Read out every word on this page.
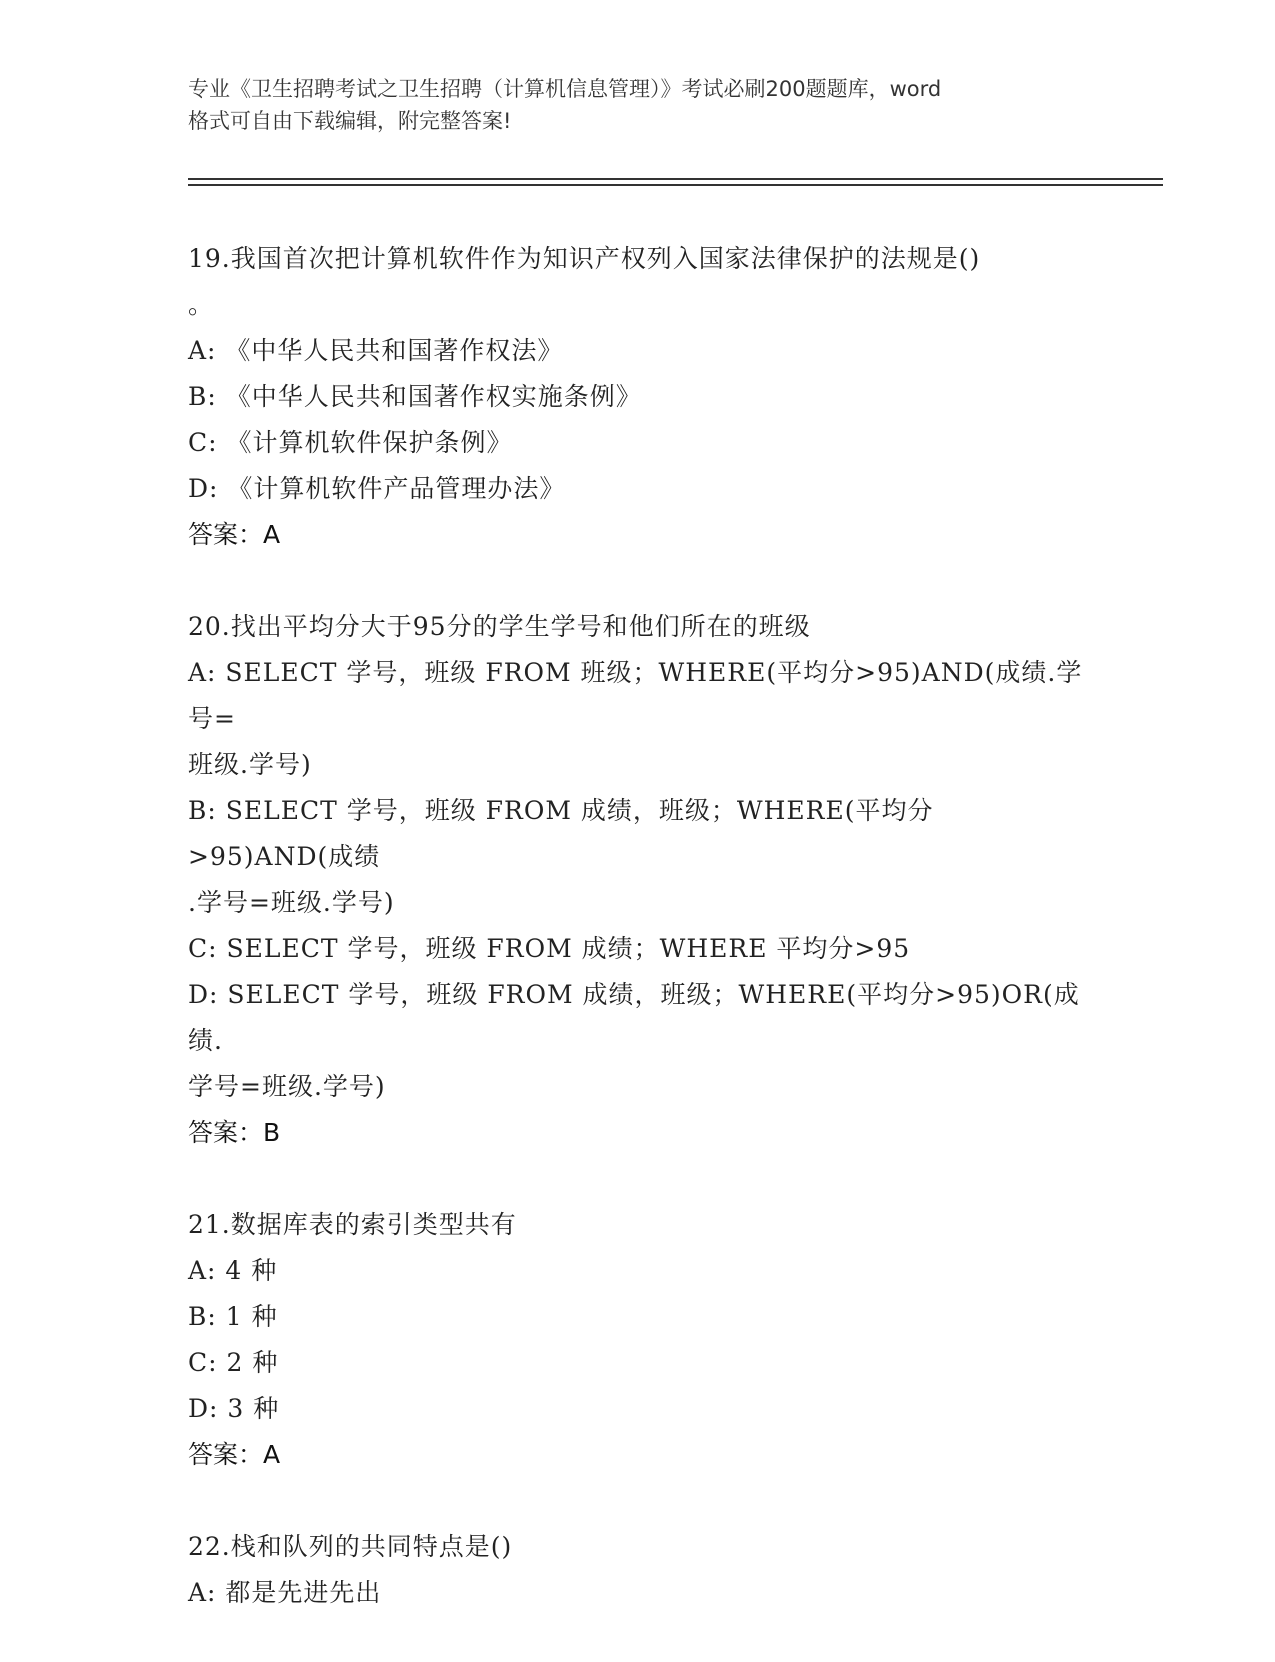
专业《卫生招聘考试之卫生招聘（计算机信息管理）》考试必刷200题题库，word
格式可自由下载编辑，附完整答案!

19.我国首次把计算机软件作为知识产权列入国家法律保护的法规是()

。

A: 《中华人民共和国著作权法》

B: 《中华人民共和国著作权实施条例》

C: 《计算机软件保护条例》

D: 《计算机软件产品管理办法》

答案：A

20.找出平均分大于95分的学生学号和他们所在的班级

A: SELECT 学号，班级 FROM 班级；WHERE(平均分>95)AND(成绩.学号=

班级.学号)

B: SELECT 学号，班级 FROM 成绩，班级；WHERE(平均分>95)AND(成绩

.学号=班级.学号)

C: SELECT 学号，班级 FROM 成绩；WHERE 平均分>95

D: SELECT 学号，班级 FROM 成绩，班级；WHERE(平均分>95)OR(成绩.

学号=班级.学号)

答案：B

21.数据库表的索引类型共有

A: 4 种

B: 1 种

C: 2 种

D: 3 种

答案：A

22.栈和队列的共同特点是()

A: 都是先进先出
